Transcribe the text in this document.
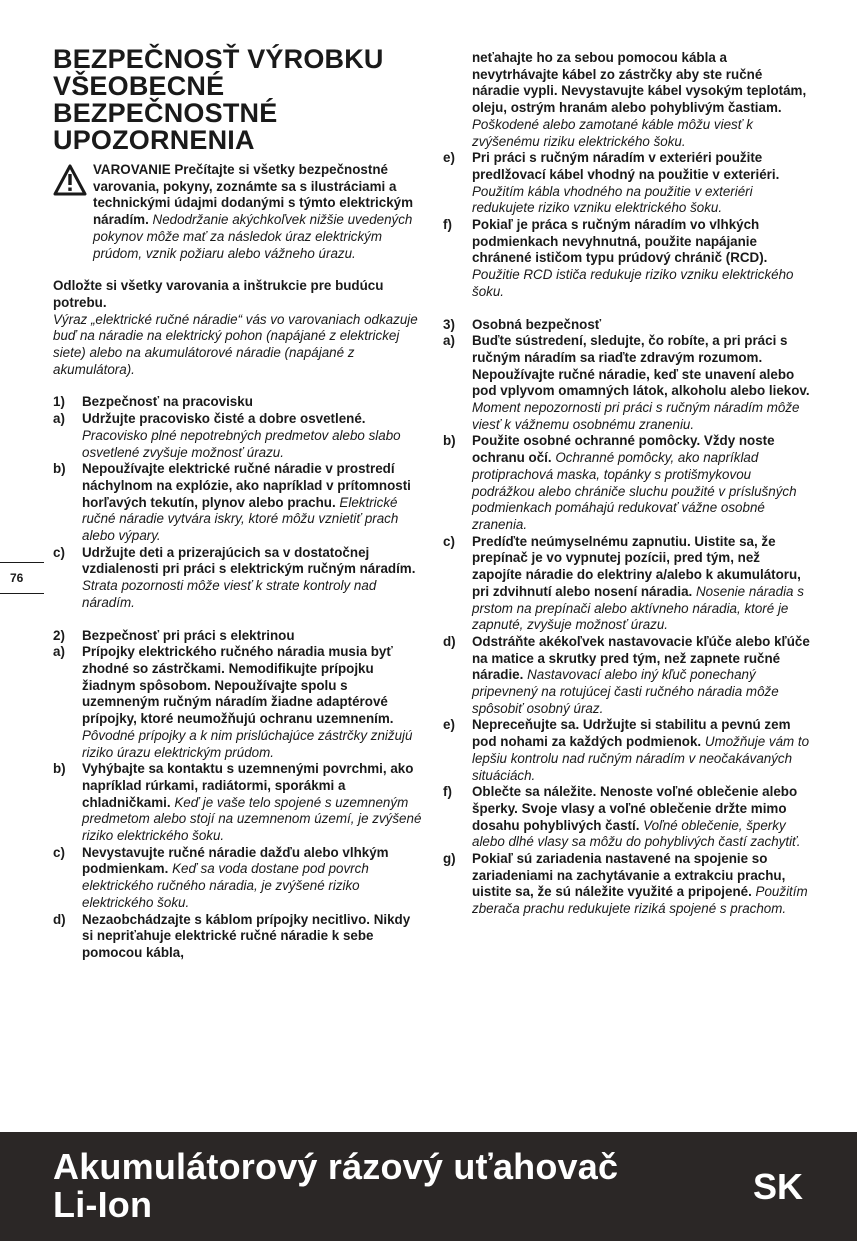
76
BEZPEČNOSŤ VÝROBKU VŠEOBECNÉ BEZPEČNOSTNÉ UPOZORNENIA

VAROVANIE Prečítajte si všetky bezpečnostné varovania, pokyny, zoznámte sa s ilustráciami a technickými údajmi dodanými s týmto elektrickým náradím. Nedodržanie akýchkoľvek nižšie uvedených pokynov môže mať za následok úraz elektrickým prúdom, vznik požiaru alebo vážneho úrazu.

Odložte si všetky varovania a inštrukcie pre budúcu potrebu.
Výraz „elektrické ručné náradie“ vás vo varovaniach odkazuje buď na náradie na elektrický pohon (napájané z elektrickej siete) alebo na akumulátorové náradie (napájané z akumulátora).

1)	Bezpečnosť na pracovisku
a)	Udržujte pracovisko čisté a dobre osvetlené. Pracovisko plné nepotrebných predmetov alebo slabo osvetlené zvyšuje možnosť úrazu.
b)	Nepoužívajte elektrické ručné náradie v prostredí náchylnom na explózie, ako napríklad v prítomnosti horľavých tekutín, plynov alebo prachu. Elektrické ručné náradie vytvára iskry, ktoré môžu vznietiť prach alebo výpary.
c)	Udržujte deti a prizerajúcich sa v dostatočnej vzdialenosti pri práci s elektrickým ručným náradím. Strata pozornosti môže viesť k strate kontroly nad náradím.
2)	Bezpečnosť pri práci s elektrinou
a)	Prípojky elektrického ručného náradia musia byť zhodné so zástrčkami. Nemodifikujte prípojku žiadnym spôsobom. Nepoužívajte spolu s uzemneným ručným náradím žiadne adaptérové prípojky, ktoré neumožňujú ochranu uzemnením. Pôvodné prípojky a k nim prislúchajúce zástrčky znižujú riziko úrazu elektrickým prúdom.
b)	Vyhýbajte sa kontaktu s uzemnenými povrchmi, ako napríklad rúrkami, radiátormi, sporákmi a chladničkami. Keď je vaše telo spojené s uzemneným predmetom alebo stojí na uzemnenom území, je zvýšené riziko elektrického šoku.
c)	Nevystavujte ručné náradie dažďu alebo vlhkým podmienkam. Keď sa voda dostane pod povrch elektrického ručného náradia, je zvýšené riziko elektrického šoku.
d)	Nezaobchádzajte s káblom prípojky necitlivo. Nikdy si nepriťahuje elektrické ručné náradie k sebe pomocou kábla,
neťahajte ho za sebou pomocou kábla a nevytrhávajte kábel zo zástrčky aby ste ručné náradie vypli. Nevystavujte kábel vysokým teplotám, oleju, ostrým hranám alebo pohyblivým častiam. Poškodené alebo zamotané káble môžu viesť k zvýšenému riziku elektrického šoku.
e)	Pri práci s ručným náradím v exteriéri použite predlžovací kábel vhodný na použitie v exteriéri. Použitím kábla vhodného na použitie v exteriéri redukujete riziko vzniku elektrického šoku.
f)	Pokiaľ je práca s ručným náradím vo vlhkých podmienkach nevyhnutná, použite napájanie chránené ističom typu prúdový chránič (RCD). Použitie RCD ističa redukuje riziko vzniku elektrického šoku.
3)	Osobná bezpečnosť
a)	Buďte sústredení, sledujte, čo robíte, a pri práci s ručným náradím sa riaďte zdravým rozumom. Nepoužívajte ručné náradie, keď ste unavení alebo pod vplyvom omamných látok, alkoholu alebo liekov. Moment nepozornosti pri práci s ručným náradím môže viesť k vážnemu osobnému zraneniu.
b)	Použite osobné ochranné pomôcky. Vždy noste ochranu očí. Ochranné pomôcky, ako napríklad protiprachová maska, topánky s protišmykovou podrážkou alebo chrániče sluchu použité v príslušných podmienkach pomáhajú redukovať vážne osobné zranenia.
c)	Predíďte neúmyselnému zapnutiu. Uistite sa, že prepínač je vo vypnutej pozícii, pred tým, než zapojíte náradie do elektriny a/alebo k akumulátoru, pri zdvihnutí alebo nosení náradia. Nosenie náradia s prstom na prepínači alebo aktívneho náradia, ktoré je zapnuté, zvyšuje možnosť úrazu.
d)	Odstráňte akékoľvek nastavovacie kľúče alebo kľúče na matice a skrutky pred tým, než zapnete ručné náradie. Nastavovací alebo iný kľuč ponechaný pripevnený na rotujúcej časti ručného náradia môže spôsobiť osobný úraz.
e)	Nepreceňujte sa. Udržujte si stabilitu a pevnú zem pod nohami za každých podmienok. Umožňuje vám to lepšiu kontrolu nad ručným náradím v neočakávaných situáciách.
f)	Oblečte sa náležite. Nenoste voľné oblečenie alebo šperky. Svoje vlasy a voľné oblečenie držte mimo dosahu pohyblivých častí. Voľné oblečenie, šperky alebo dlhé vlasy sa môžu do pohyblivých častí zachytiť.
g)	Pokiaľ sú zariadenia nastavené na spojenie so zariadeniami na zachytávanie a extrakciu prachu, uistite sa, že sú náležite využité a pripojené. Použitím zberača prachu redukujete riziká spojené s prachom.
Akumulátorový rázový uťahovač
Li-Ion	SK
